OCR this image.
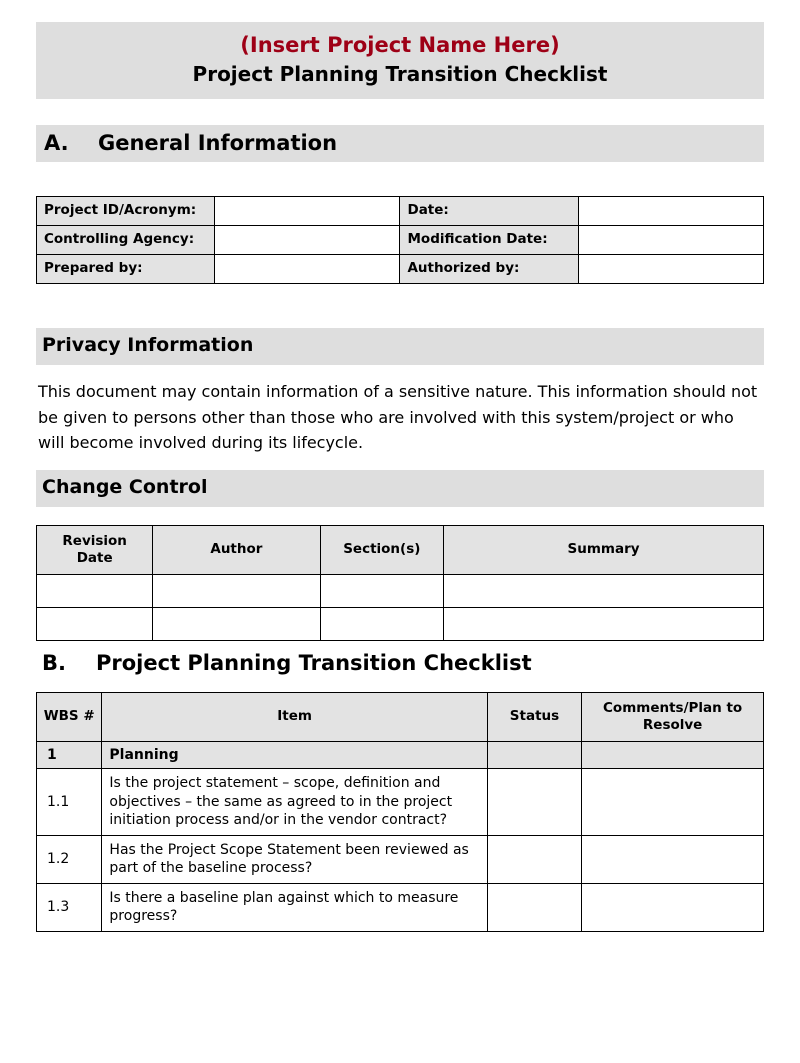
(Insert Project Name Here)
Project Planning Transition Checklist
A. General Information
Project ID/Acronym:		Date:	
Controlling Agency:		Modification Date:	
Prepared by:		Authorized by:	
Privacy Information
This document may contain information of a sensitive nature. This information should not be given to persons other than those who are involved with this system/project or who will become involved during its lifecycle.
Change Control
Revision Date	Author	Section(s)	Summary

B. Project Planning Transition Checklist
WBS #	Item	Status	Comments/Plan to Resolve
1	Planning		
1.1	Is the project statement – scope, definition and objectives – the same as agreed to in the project initiation process and/or in the vendor contract?		
1.2	Has the Project Scope Statement been reviewed as part of the baseline process?		
1.3	Is there a baseline plan against which to measure progress?		
